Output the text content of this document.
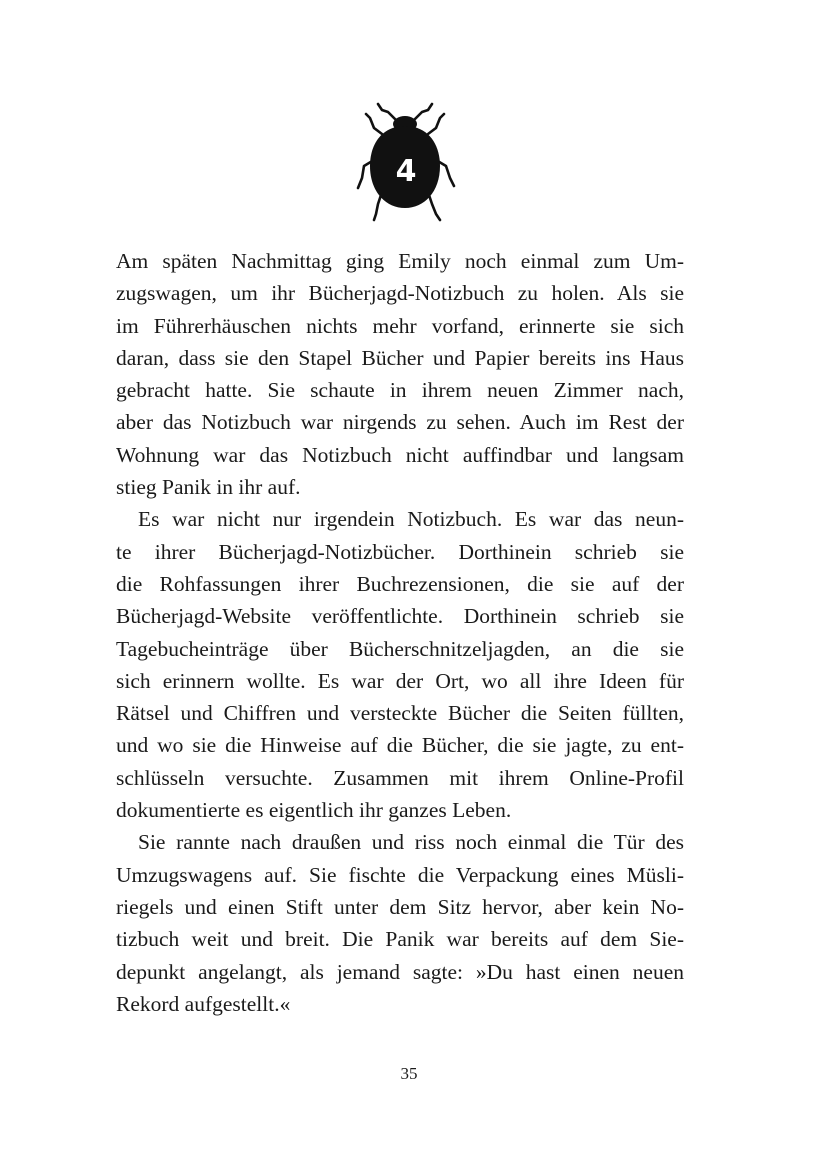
4
Am späten Nachmittag ging Emily noch einmal zum Um-
zugswagen, um ihr Bücherjagd-Notizbuch zu holen. Als sie
im Führerhäuschen nichts mehr vorfand, erinnerte sie sich
daran, dass sie den Stapel Bücher und Papier bereits ins Haus
gebracht hatte. Sie schaute in ihrem neuen Zimmer nach,
aber das Notizbuch war nirgends zu sehen. Auch im Rest der
Wohnung war das Notizbuch nicht auffindbar und langsam
stieg Panik in ihr auf.
Es war nicht nur irgendein Notizbuch. Es war das neun-
te ihrer Bücherjagd-Notizbücher. Dorthinein schrieb sie
die Rohfassungen ihrer Buchrezensionen, die sie auf der
Bücherjagd-Website veröffentlichte. Dorthinein schrieb sie
Tagebucheinträge über Bücherschnitzeljagden, an die sie
sich erinnern wollte. Es war der Ort, wo all ihre Ideen für
Rätsel und Chiffren und versteckte Bücher die Seiten füllten,
und wo sie die Hinweise auf die Bücher, die sie jagte, zu ent-
schlüsseln versuchte. Zusammen mit ihrem Online-Profil
dokumentierte es eigentlich ihr ganzes Leben.
Sie rannte nach draußen und riss noch einmal die Tür des
Umzugswagens auf. Sie fischte die Verpackung eines Müsli-
riegels und einen Stift unter dem Sitz hervor, aber kein No-
tizbuch weit und breit. Die Panik war bereits auf dem Sie-
depunkt angelangt, als jemand sagte: »Du hast einen neuen
Rekord aufgestellt.«
35
